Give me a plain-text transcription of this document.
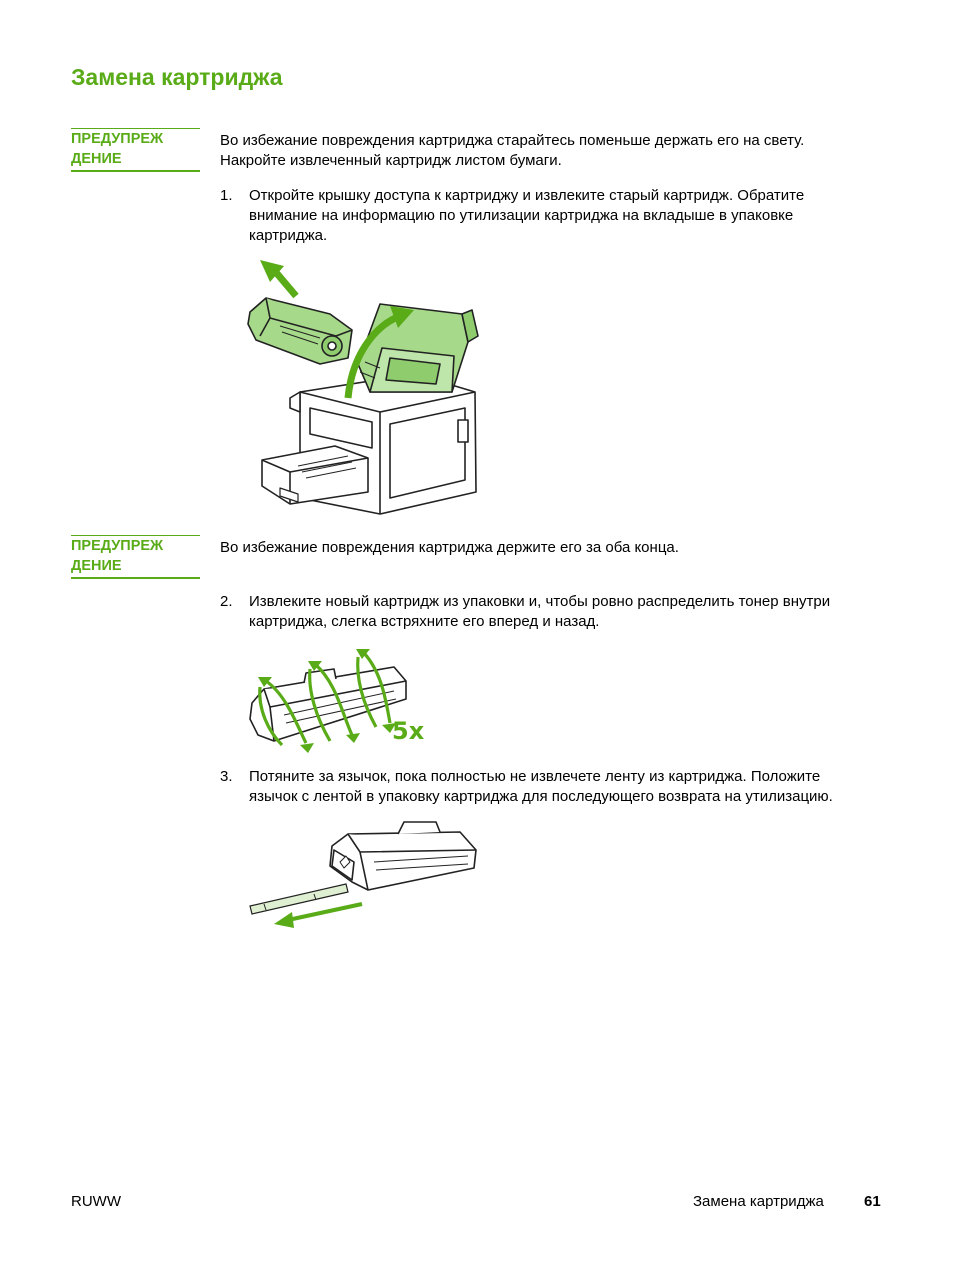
Замена картриджа
ПРЕДУПРЕЖ
ДЕНИЕ
Во избежание повреждения картриджа старайтесь поменьше держать его на свету.
Накройте извлеченный картридж листом бумаги.
1. Откройте крышку доступа к картриджу и извлеките старый картридж. Обратите
внимание на информацию по утилизации картриджа на вкладыше в упаковке
картриджа.
ПРЕДУПРЕЖ
ДЕНИЕ
Во избежание повреждения картриджа держите его за оба конца.
2. Извлеките новый картридж из упаковки и, чтобы ровно распределить тонер внутри
картриджа, слегка встряхните его вперед и назад.
5x
3. Потяните за язычок, пока полностью не извлечете ленту из картриджа. Положите
язычок с лентой в упаковку картриджа для последующего возврата на утилизацию.
RUWW	Замена картриджа	61
